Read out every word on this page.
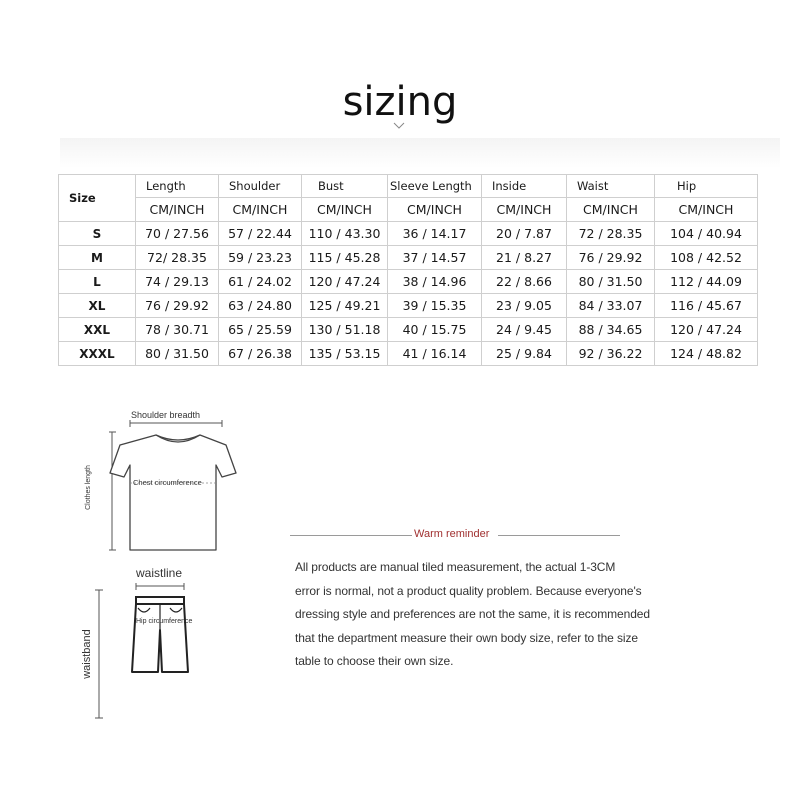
sizing
Size	Length	Shoulder	Bust	Sleeve Length	Inside	Waist	Hip
	CM/INCH	CM/INCH	CM/INCH	CM/INCH	CM/INCH	CM/INCH	CM/INCH
S	70 / 27.56	57 / 22.44	110 / 43.30	36 / 14.17	20 / 7.87	72 / 28.35	104 / 40.94
M	72/ 28.35	59 / 23.23	115 / 45.28	37 / 14.57	21 / 8.27	76 / 29.92	108 / 42.52
L	74 / 29.13	61 / 24.02	120 / 47.24	38 / 14.96	22 / 8.66	80 / 31.50	112 / 44.09
XL	76 / 29.92	63 / 24.80	125 / 49.21	39 / 15.35	23 / 9.05	84 / 33.07	116 / 45.67
XXL	78 / 30.71	65 / 25.59	130 / 51.18	40 / 15.75	24 / 9.45	88 / 34.65	120 / 47.24
XXXL	80 / 31.50	67 / 26.38	135 / 53.15	41 / 16.14	25 / 9.84	92 / 36.22	124 / 48.82
Shoulder breadth
Chest circumference
Clothes length
waistline
Hip circumference
waistband
Warm reminder
All products are manual tiled measurement, the actual 1-3CM
error is normal, not a product quality problem. Because everyone's
dressing style and preferences are not the same, it is recommended
that the department measure their own body size, refer to the size
table to choose their own size.
